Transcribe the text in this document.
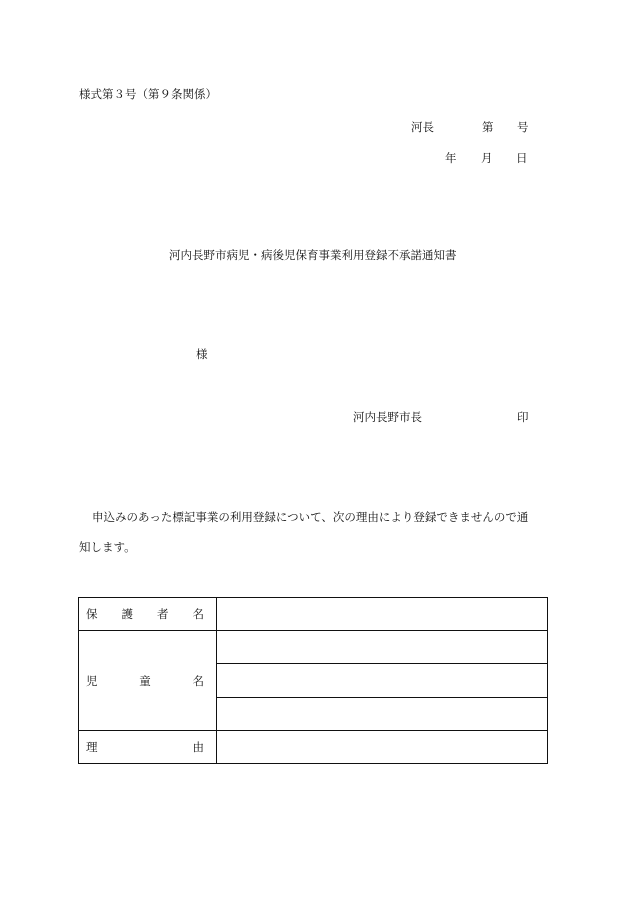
様式第３号（第９条関係）
河長	第 号
年 月 日
河内長野市病児・病後児保育事業利用登録不承諾通知書
様
河内長野市長	印
申込みのあった標記事業の利用登録について、次の理由により登録できませんので通
知します。
保 護 者 名	

児 童 名	

理 由	
